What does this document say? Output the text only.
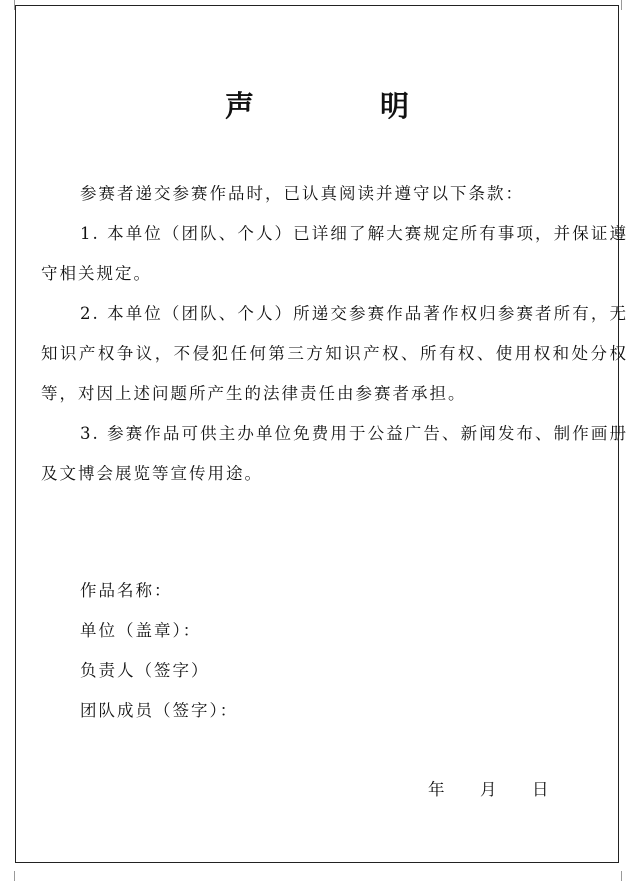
声 明

参赛者递交参赛作品时，已认真阅读并遵守以下条款：

1. 本单位（团队、个人）已详细了解大赛规定所有事项，并保证遵守相关规定。

2. 本单位（团队、个人）所递交参赛作品著作权归参赛者所有，无知识产权争议，不侵犯任何第三方知识产权、所有权、使用权和处分权等，对因上述问题所产生的法律责任由参赛者承担。

3. 参赛作品可供主办单位免费用于公益广告、新闻发布、制作画册及文博会展览等宣传用途。

作品名称：
单位（盖章）：
负责人（签字）
团队成员（签字）：
年	月	日
